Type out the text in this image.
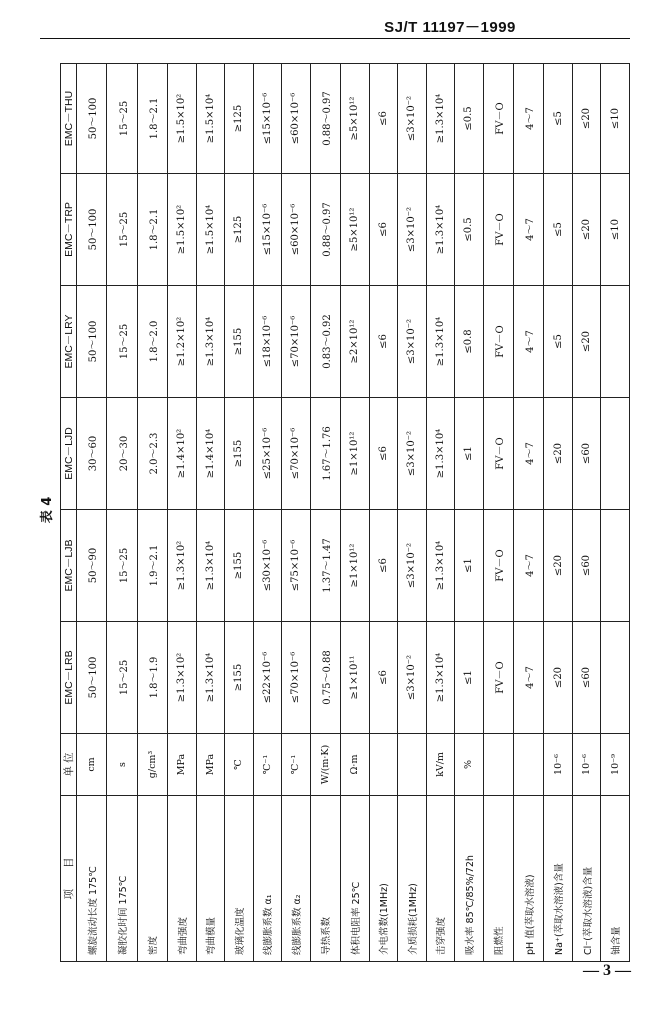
SJ/T 11197－1999
表 4
项　　目	单 位	EMC－LRB	EMC－LJB	EMC－LJD	EMC－LRY	EMC－TRP	EMC－THU
螺旋流动长度 175℃	cm	50～100	50～90	30～60	50～100	50～100	50～100
凝胶化时间 175℃	s	15～25	15～25	20～30	15～25	15～25	15～25
密度	g/cm³	1.8～1.9	1.9～2.1	2.0～2.3	1.8～2.0	1.8～2.1	1.8～2.1
弯曲强度	MPa	≥1.3×10²	≥1.3×10²	≥1.4×10²	≥1.2×10²	≥1.5×10²	≥1.5×10²
弯曲模量	MPa	≥1.3×10⁴	≥1.3×10⁴	≥1.4×10⁴	≥1.3×10⁴	≥1.5×10⁴	≥1.5×10⁴
玻璃化温度	℃	≥155	≥155	≥155	≥155	≥125	≥125
线膨胀系数 α₁	℃⁻¹	≤22×10⁻⁶	≤30×10⁻⁶	≤25×10⁻⁶	≤18×10⁻⁶	≤15×10⁻⁶	≤15×10⁻⁶
线膨胀系数 α₂	℃⁻¹	≤70×10⁻⁶	≤75×10⁻⁶	≤70×10⁻⁶	≤70×10⁻⁶	≤60×10⁻⁶	≤60×10⁻⁶
导热系数	W/(m·K)	0.75～0.88	1.37～1.47	1.67～1.76	0.83～0.92	0.88～0.97	0.88～0.97
体积电阻率 25℃	Ω·m	≥1×10¹¹	≥1×10¹²	≥1×10¹²	≥2×10¹²	≥5×10¹²	≥5×10¹²
介电常数(1MHz)		≤6	≤6	≤6	≤6	≤6	≤6
介质损耗(1MHz)		≤3×10⁻²	≤3×10⁻²	≤3×10⁻²	≤3×10⁻²	≤3×10⁻²	≤3×10⁻²
击穿强度	kV/m	≥1.3×10⁴	≥1.3×10⁴	≥1.3×10⁴	≥1.3×10⁴	≥1.3×10⁴	≥1.3×10⁴
吸水率 85℃/85%/72h	%	≤1	≤1	≤1	≤0.8	≤0.5	≤0.5
阻燃性		FV－O	FV－O	FV－O	FV－O	FV－O	FV－O
pH 值(萃取水溶液)		4～7	4～7	4～7	4～7	4～7	4～7
Na⁺(萃取水溶液)含量	10⁻⁶	≤20	≤20	≤20	≤5	≤5	≤5
Cl⁻(萃取水溶液)含量	10⁻⁶	≤60	≤60	≤60	≤20	≤20	≤20
铀含量	10⁻⁹					≤10	≤10
— 3 —
